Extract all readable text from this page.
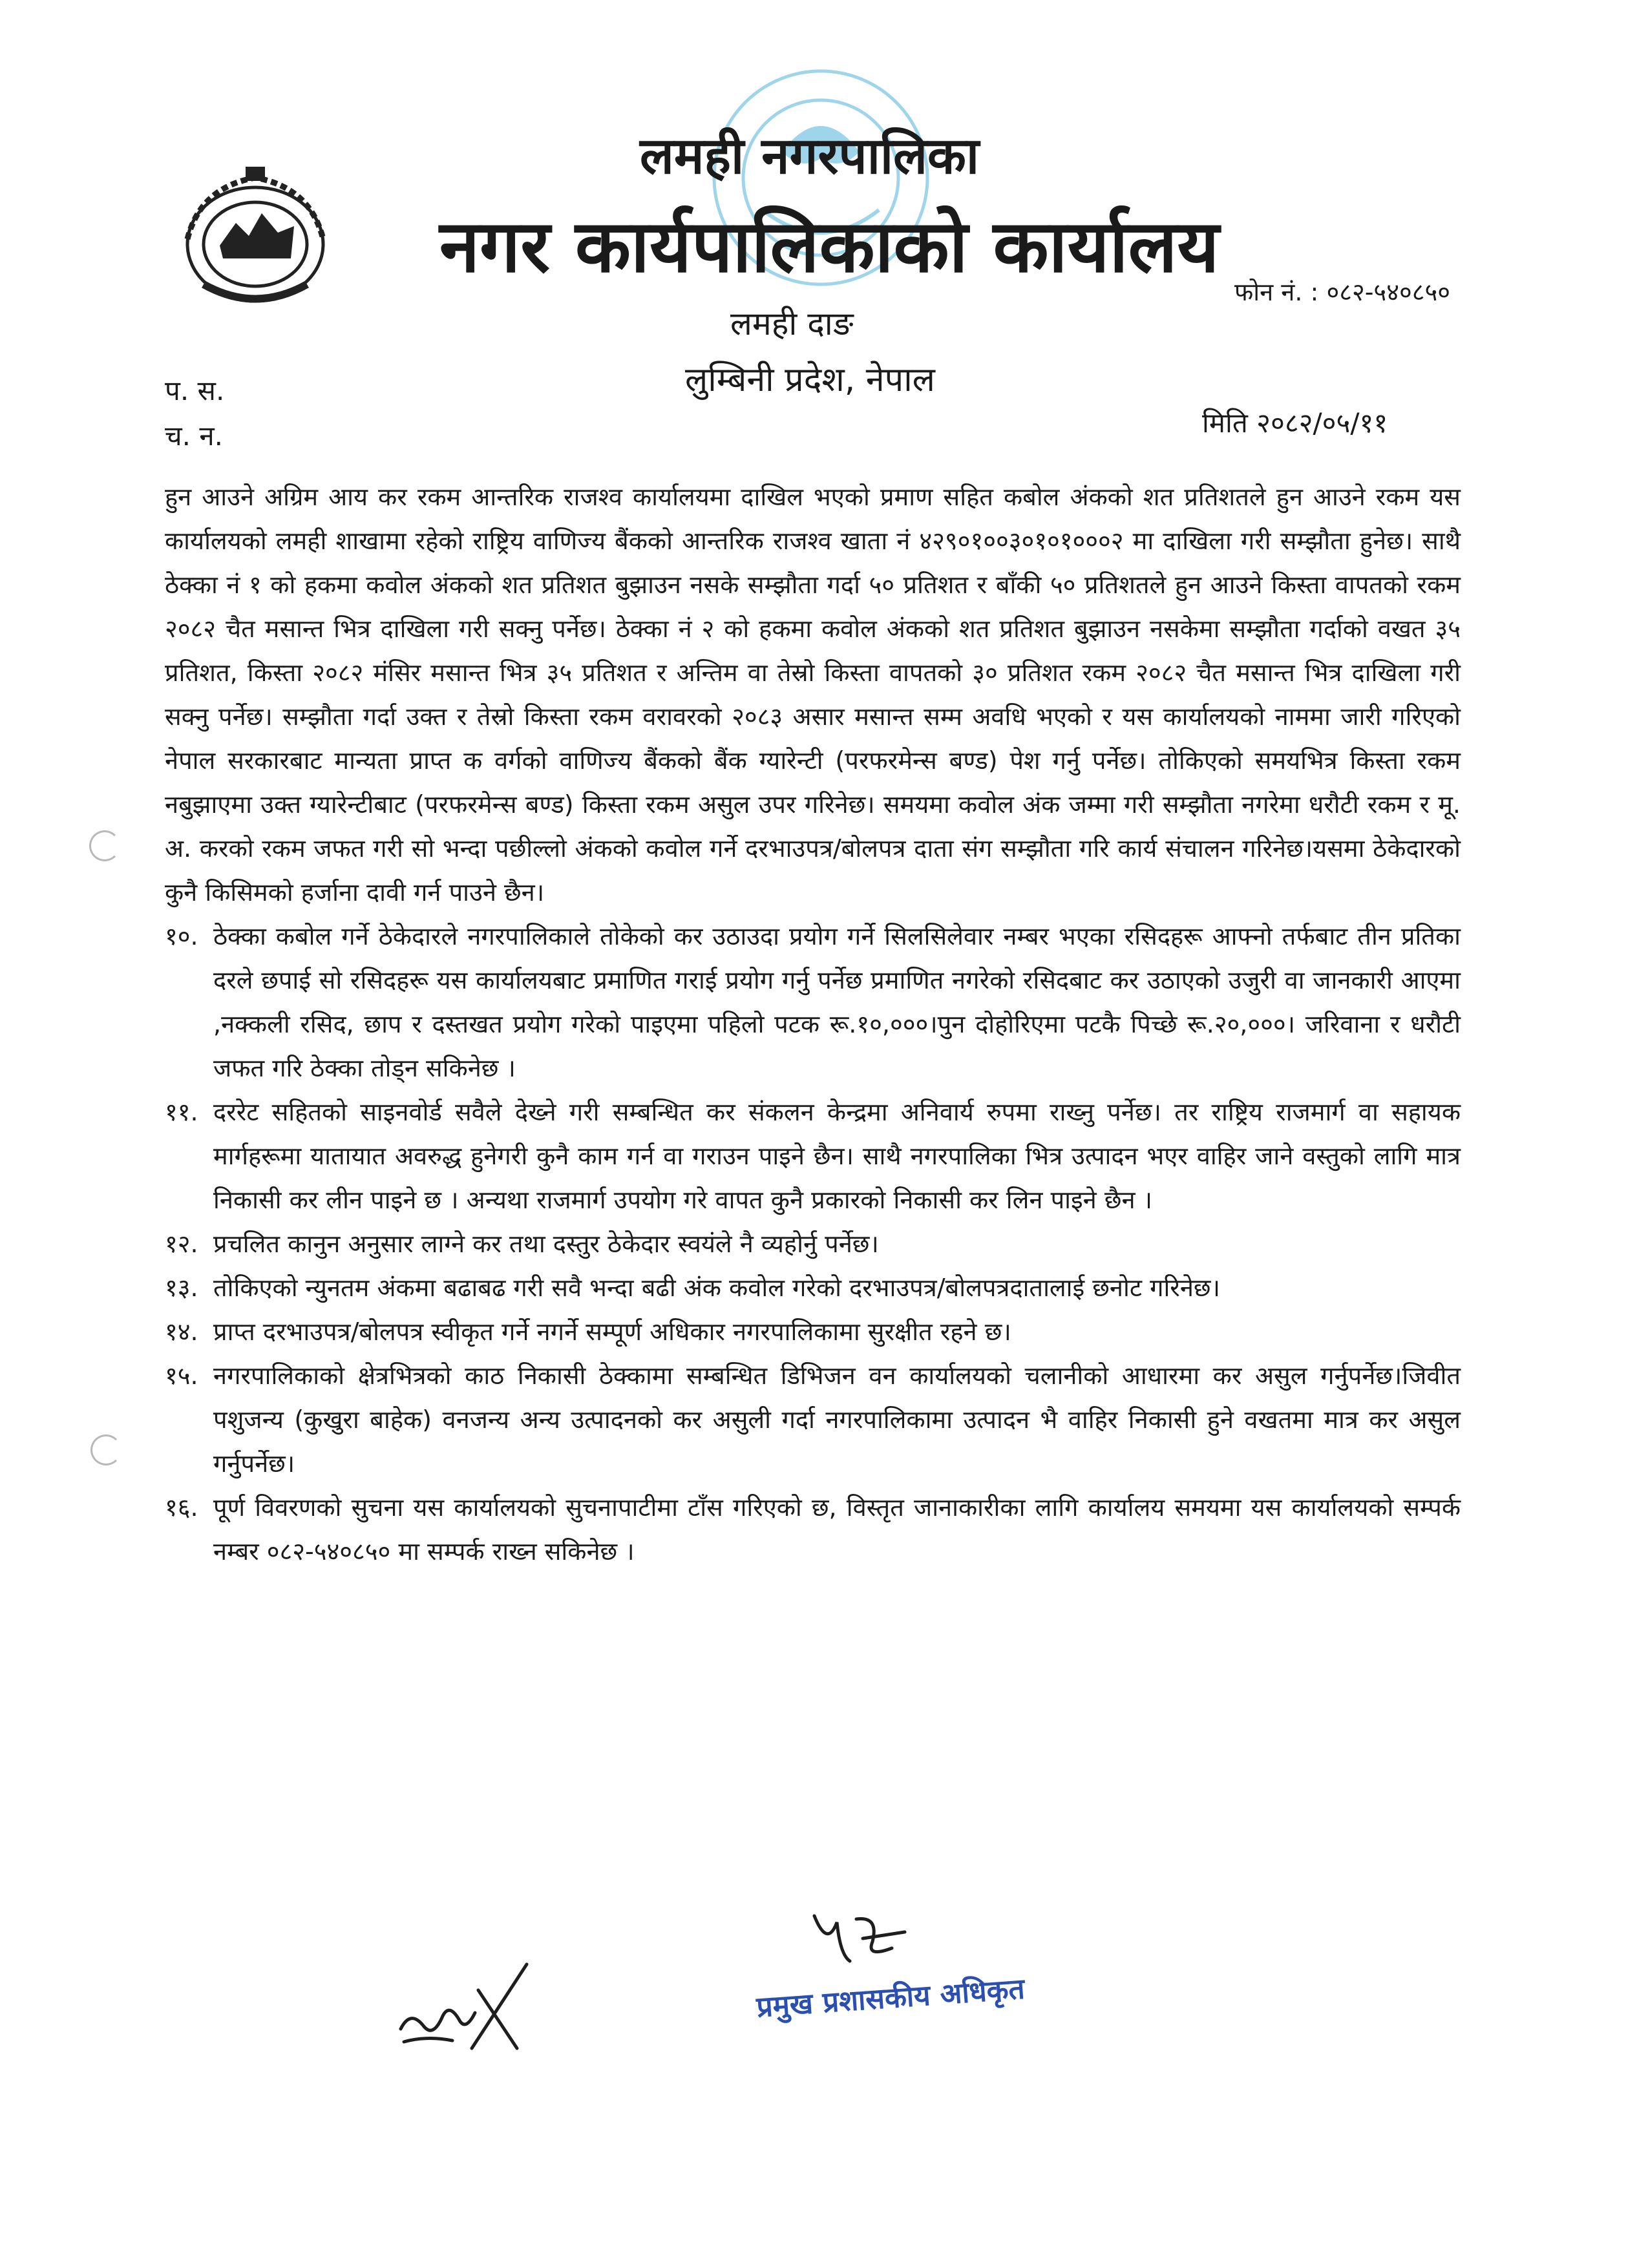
लमही नगरपालिका
नगर कार्यपालिकाको कार्यालय
फोन नं. : ०८२-५४०८५०
लमही दाङ
लुम्बिनी प्रदेश, नेपाल
प. स.
च. न.	मिति २०८२/०५/११

हुन आउने अग्रिम आय कर रकम आन्तरिक राजश्व कार्यालयमा दाखिल भएको प्रमाण सहित कबोल अंकको शत प्रतिशतले हुन आउने रकम यस कार्यालयको लमही शाखामा रहेको राष्ट्रिय वाणिज्य बैंकको आन्तरिक राजश्व खाता नं ४२९०१००३०१०१०००२ मा दाखिला गरी सम्झौता हुनेछ। साथै ठेक्का नं १ को हकमा कवोल अंकको शत प्रतिशत बुझाउन नसके सम्झौता गर्दा ५० प्रतिशत र बाँकी ५० प्रतिशतले हुन आउने किस्ता वापतको रकम २०८२ चैत मसान्त भित्र दाखिला गरी सक्नु पर्नेछ। ठेक्का नं २ को हकमा कवोल अंकको शत प्रतिशत बुझाउन नसकेमा सम्झौता गर्दाको वखत ३५ प्रतिशत, किस्ता २०८२ मंसिर मसान्त भित्र ३५ प्रतिशत र अन्तिम वा तेस्रो किस्ता वापतको ३० प्रतिशत रकम २०८२ चैत मसान्त भित्र दाखिला गरी सक्नु पर्नेछ। सम्झौता गर्दा उक्त र तेस्रो किस्ता रकम वरावरको २०८३ असार मसान्त सम्म अवधि भएको र यस कार्यालयको नाममा जारी गरिएको नेपाल सरकारबाट मान्यता प्राप्त क वर्गको वाणिज्य बैंकको बैंक ग्यारेन्टी (परफरमेन्स बण्ड) पेश गर्नु पर्नेछ। तोकिएको समयभित्र किस्ता रकम नबुझाएमा उक्त ग्यारेन्टीबाट (परफरमेन्स बण्ड) किस्ता रकम असुल उपर गरिनेछ। समयमा कवोल अंक जम्मा गरी सम्झौता नगरेमा धरौटी रकम र मू. अ. करको रकम जफत गरी सो भन्दा पछील्लो अंकको कवोल गर्ने दरभाउपत्र/बोलपत्र दाता संग सम्झौता गरि कार्य संचालन गरिनेछ।यसमा ठेकेदारको कुनै किसिमको हर्जाना दावी गर्न पाउने छैन।

१०. ठेक्का कबोल गर्ने ठेकेदारले नगरपालिकाले तोकेको कर उठाउदा प्रयोग गर्ने सिलसिलेवार नम्बर भएका रसिदहरू आफ्नो तर्फबाट तीन प्रतिका दरले छपाई सो रसिदहरू यस कार्यालयबाट प्रमाणित गराई प्रयोग गर्नु पर्नेछ प्रमाणित नगरेको रसिदबाट कर उठाएको उजुरी वा जानकारी आएमा ,नक्कली रसिद, छाप र दस्तखत प्रयोग गरेको पाइएमा पहिलो पटक रू.१०,०००।पुन दोहोरिएमा पटकै पिच्छे रू.२०,०००। जरिवाना र धरौटी जफत गरि ठेक्का तोड्न सकिनेछ ।
११. दररेट सहितको साइनवोर्ड सवैले देख्ने गरी सम्बन्धित कर संकलन केन्द्रमा अनिवार्य रुपमा राख्नु पर्नेछ। तर राष्ट्रिय राजमार्ग वा सहायक मार्गहरूमा यातायात अवरुद्ध हुनेगरी कुनै काम गर्न वा गराउन पाइने छैन। साथै नगरपालिका भित्र उत्पादन भएर वाहिर जाने वस्तुको लागि मात्र निकासी कर लीन पाइने छ । अन्यथा राजमार्ग उपयोग गरे वापत कुनै प्रकारको निकासी कर लिन पाइने छैन ।
१२. प्रचलित कानुन अनुसार लाग्ने कर तथा दस्तुर ठेकेदार स्वयंले नै व्यहोर्नु पर्नेछ।
१३. तोकिएको न्युनतम अंकमा बढाबढ गरी सवै भन्दा बढी अंक कवोल गरेको दरभाउपत्र/बोलपत्रदातालाई छनोट गरिनेछ।
१४. प्राप्त दरभाउपत्र/बोलपत्र स्वीकृत गर्ने नगर्ने सम्पूर्ण अधिकार नगरपालिकामा सुरक्षीत रहने छ।
१५. नगरपालिकाको क्षेत्रभित्रको काठ निकासी ठेक्कामा सम्बन्धित डिभिजन वन कार्यालयको चलानीको आधारमा कर असुल गर्नुपर्नेछ।जिवीत पशुजन्य (कुखुरा बाहेक) वनजन्य अन्य उत्पादनको कर असुली गर्दा नगरपालिकामा उत्पादन भै वाहिर निकासी हुने वखतमा मात्र कर असुल गर्नुपर्नेछ।
१६. पूर्ण विवरणको सुचना यस कार्यालयको सुचनापाटीमा टाँस गरिएको छ, विस्तृत जानाकारीका लागि कार्यालय समयमा यस कार्यालयको सम्पर्क नम्बर ०८२-५४०८५० मा सम्पर्क राख्न सकिनेछ ।
प्रमुख प्रशासकीय अधिकृत
